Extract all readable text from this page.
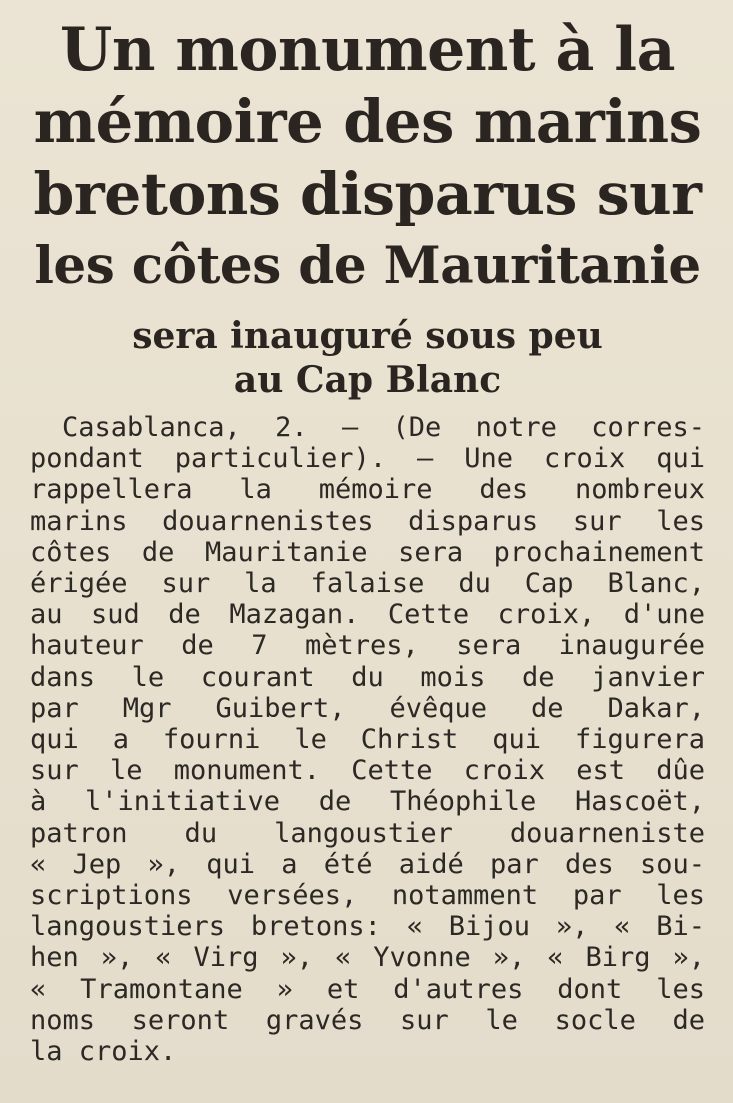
Un monument à la
mémoire des marins
bretons disparus sur
les côtes de Mauritanie
sera inauguré sous peu
au Cap Blanc
Casablanca, 2. — (De notre corres-
pondant particulier). — Une croix qui
rappellera la mémoire des nombreux
marins douarnenistes disparus sur les
côtes de Mauritanie sera prochainement
érigée sur la falaise du Cap Blanc,
au sud de Mazagan. Cette croix, d'une
hauteur de 7 mètres, sera inaugurée
dans le courant du mois de janvier
par Mgr Guibert, évêque de Dakar,
qui a fourni le Christ qui figurera
sur le monument. Cette croix est dûe
à l'initiative de Théophile Hascoët,
patron du langoustier douarneniste
« Jep », qui a été aidé par des sou-
scriptions versées, notamment par les
langoustiers bretons: « Bijou », « Bi-
hen », « Virg », « Yvonne », « Birg »,
« Tramontane » et d'autres dont les
noms seront gravés sur le socle de
la croix.
